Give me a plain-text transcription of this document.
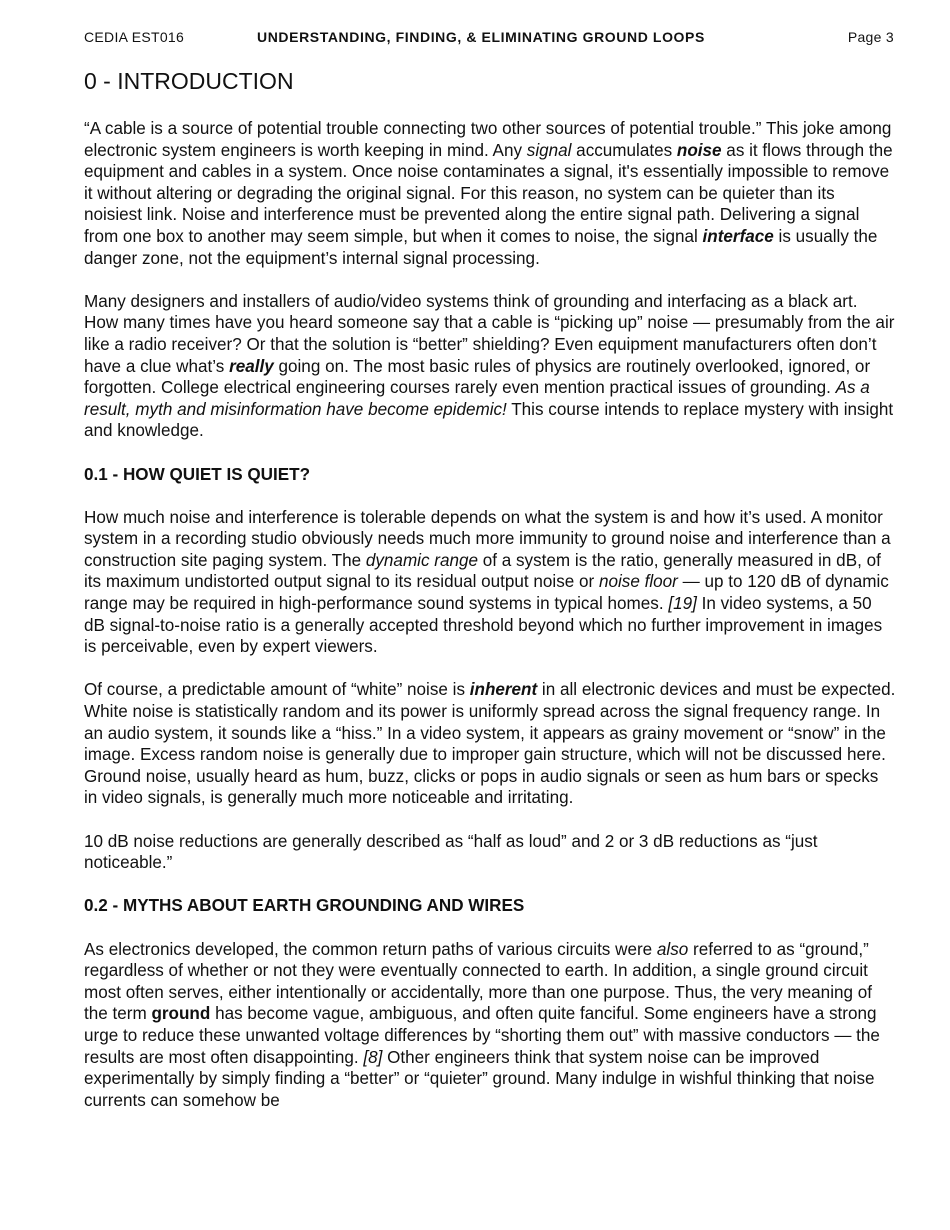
CEDIA EST016	UNDERSTANDING, FINDING, & ELIMINATING GROUND LOOPS	Page 3
0 - INTRODUCTION

“A cable is a source of potential trouble connecting two other sources of potential trouble.” This joke among electronic system engineers is worth keeping in mind. Any signal accumulates noise as it flows through the equipment and cables in a system. Once noise contaminates a signal, it's essentially impossible to remove it without altering or degrading the original signal. For this reason, no system can be quieter than its noisiest link. Noise and interference must be prevented along the entire signal path. Delivering a signal from one box to another may seem simple, but when it comes to noise, the signal interface is usually the danger zone, not the equipment’s internal signal processing.

Many designers and installers of audio/video systems think of grounding and interfacing as a black art. How many times have you heard someone say that a cable is “picking up” noise — presumably from the air like a radio receiver? Or that the solution is “better” shielding? Even equipment manufacturers often don’t have a clue what’s really going on. The most basic rules of physics are routinely overlooked, ignored, or forgotten. College electrical engineering courses rarely even mention practical issues of grounding. As a result, myth and misinformation have become epidemic! This course intends to replace mystery with insight and knowledge.

0.1 - HOW QUIET IS QUIET?

How much noise and interference is tolerable depends on what the system is and how it’s used. A monitor system in a recording studio obviously needs much more immunity to ground noise and interference than a construction site paging system. The dynamic range of a system is the ratio, generally measured in dB, of its maximum undistorted output signal to its residual output noise or noise floor — up to 120 dB of dynamic range may be required in high-performance sound systems in typical homes. [19] In video systems, a 50 dB signal-to-noise ratio is a generally accepted threshold beyond which no further improvement in images is perceivable, even by expert viewers.

Of course, a predictable amount of “white” noise is inherent in all electronic devices and must be expected. White noise is statistically random and its power is uniformly spread across the signal frequency range. In an audio system, it sounds like a “hiss.” In a video system, it appears as grainy movement or “snow” in the image. Excess random noise is generally due to improper gain structure, which will not be discussed here. Ground noise, usually heard as hum, buzz, clicks or pops in audio signals or seen as hum bars or specks in video signals, is generally much more noticeable and irritating.

10 dB noise reductions are generally described as “half as loud” and 2 or 3 dB reductions as “just noticeable.”

0.2 - MYTHS ABOUT EARTH GROUNDING AND WIRES

As electronics developed, the common return paths of various circuits were also referred to as “ground,” regardless of whether or not they were eventually connected to earth. In addition, a single ground circuit most often serves, either intentionally or accidentally, more than one purpose. Thus, the very meaning of the term ground has become vague, ambiguous, and often quite fanciful. Some engineers have a strong urge to reduce these unwanted voltage differences by “shorting them out” with massive conductors — the results are most often disappointing. [8] Other engineers think that system noise can be improved experimentally by simply finding a “better” or “quieter” ground. Many indulge in wishful thinking that noise currents can somehow be
